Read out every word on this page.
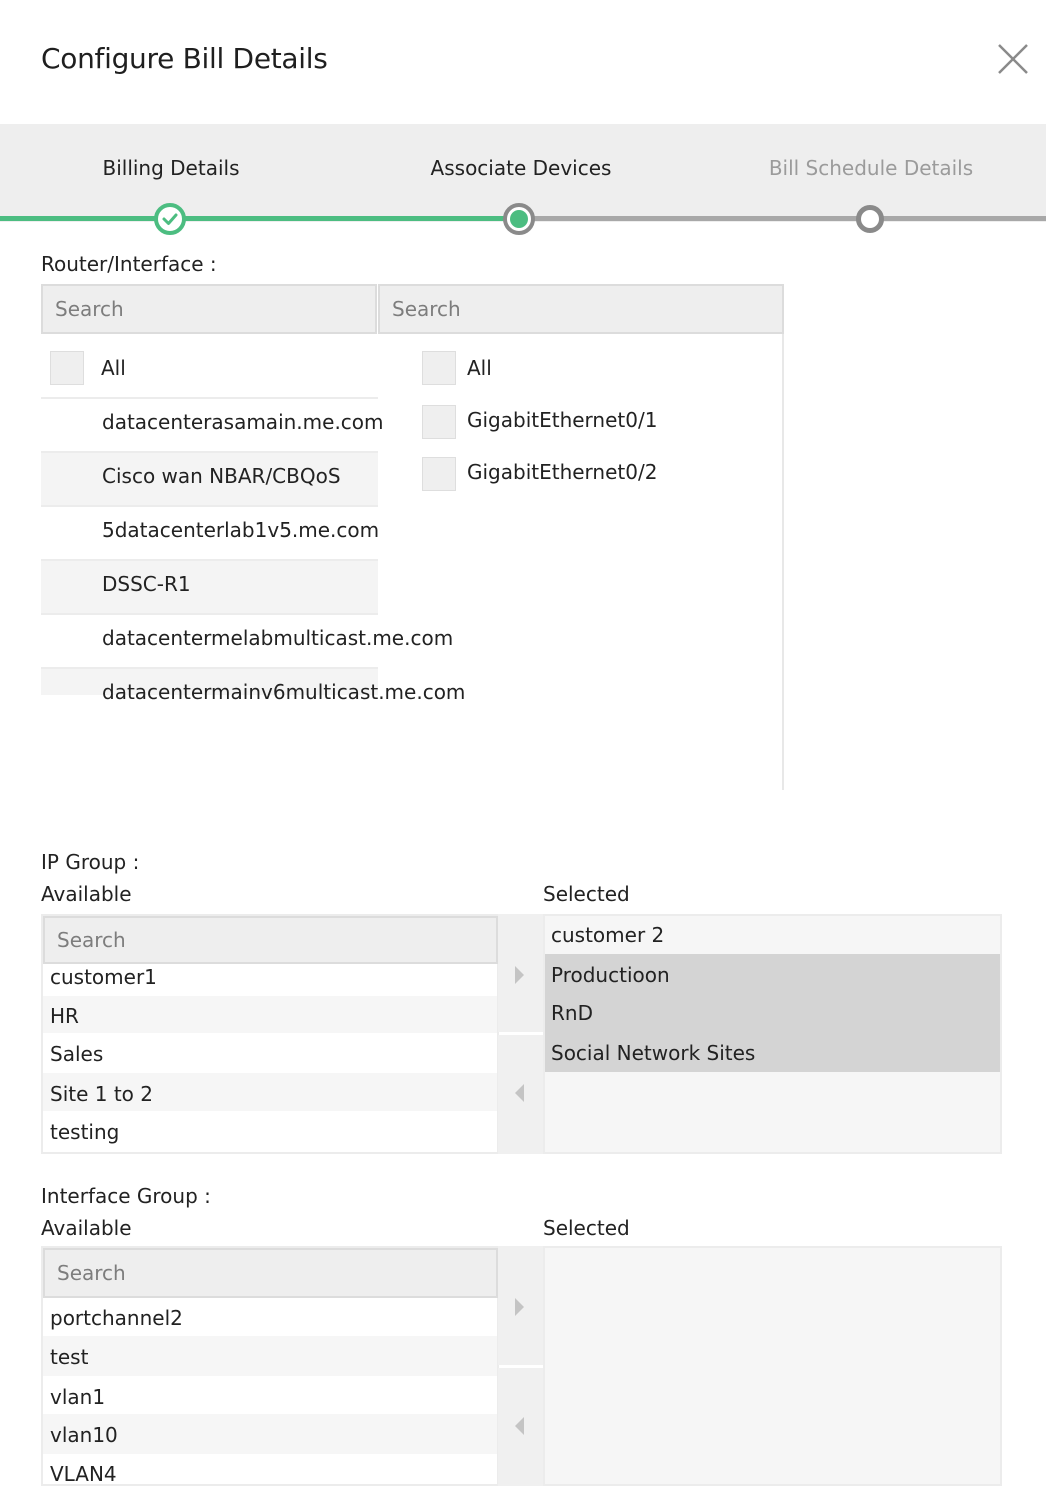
Configure Bill Details
Billing Details	Associate Devices	Bill Schedule Details
Router/Interface :
Search	Search
All
datacenterasamain.me.com
Cisco wan NBAR/CBQoS
5datacenterlab1v5.me.com
DSSC-R1
datacentermelabmulticast.me.com
datacentermainv6multicast.me.com
All
GigabitEthernet0/1
GigabitEthernet0/2
IP Group :
Available	Selected
Search
customer1
HR
Sales
Site 1 to 2
testing
customer 2
Productioon
RnD
Social Network Sites
Interface Group :
Available	Selected
Search
portchannel2
test
vlan1
vlan10
VLAN4
